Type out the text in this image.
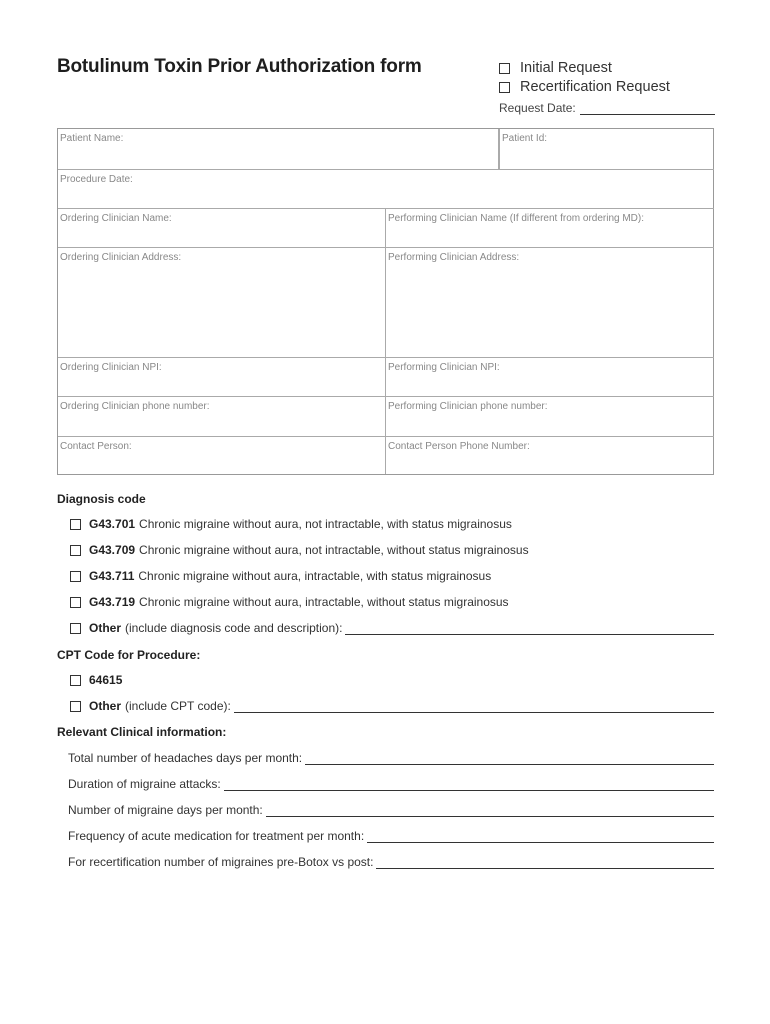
Botulinum Toxin Prior Authorization form	Initial Request
Recertification Request
Request Date:
Patient Name:	Patient Id:
Procedure Date:
Ordering Clinician Name:	Performing Clinician Name (If different from ordering MD):
Ordering Clinician Address:	Performing Clinician Address:
Ordering Clinician NPI:	Performing Clinician NPI:
Ordering Clinician phone number:	Performing Clinician phone number:
Contact Person:	Contact Person Phone Number:
Diagnosis code
G43.701 Chronic migraine without aura, not intractable, with status migrainosus
G43.709 Chronic migraine without aura, not intractable, without status migrainosus
G43.711 Chronic migraine without aura, intractable, with status migrainosus
G43.719 Chronic migraine without aura, intractable, without status migrainosus
Other (include diagnosis code and description):
CPT Code for Procedure:
64615
Other (include CPT code):
Relevant Clinical information:
Total number of headaches days per month:
Duration of migraine attacks:
Number of migraine days per month:
Frequency of acute medication for treatment per month:
For recertification number of migraines pre-Botox vs post:
